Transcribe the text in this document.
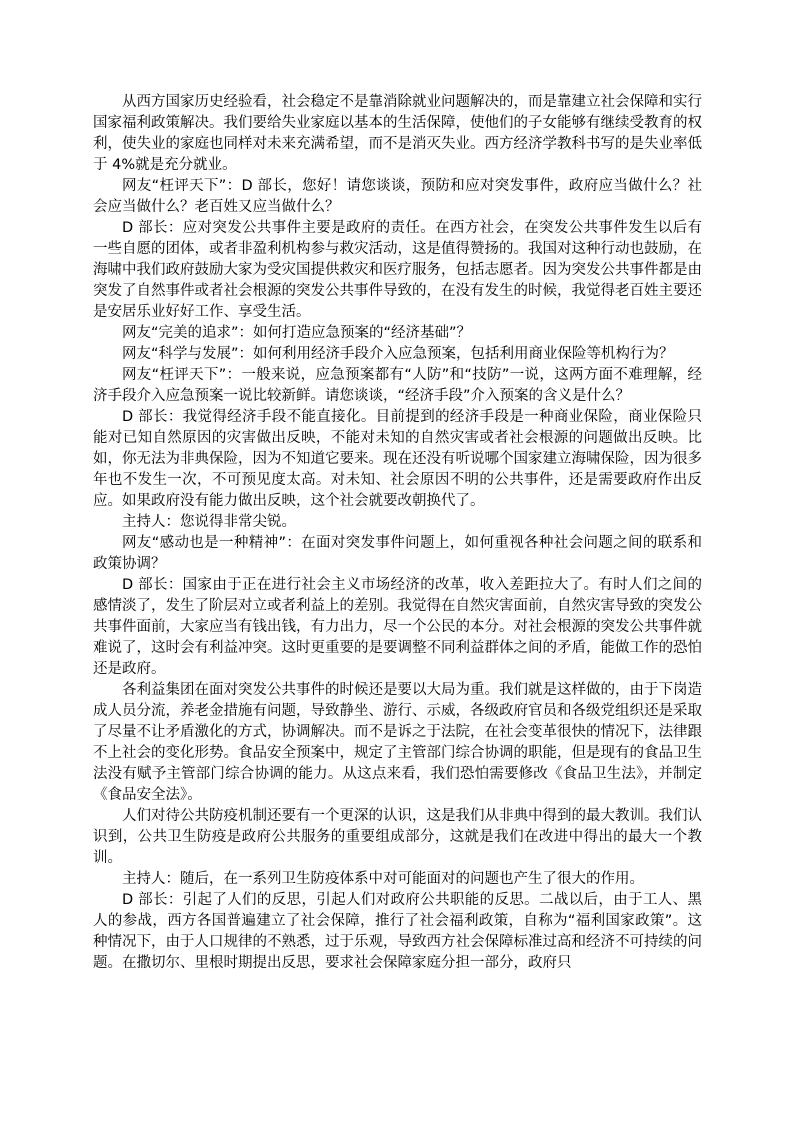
从西方国家历史经验看，社会稳定不是靠消除就业问题解决的，而是靠建立社会保障和实行国家福利政策解决。我们要给失业家庭以基本的生活保障，使他们的子女能够有继续受教育的权利，使失业的家庭也同样对未来充满希望，而不是消灭失业。西方经济学教科书写的是失业率低于 4%就是充分就业。

网友“枉评天下”：D 部长，您好！请您谈谈，预防和应对突发事件，政府应当做什么？社会应当做什么？老百姓又应当做什么？

D 部长：应对突发公共事件主要是政府的责任。在西方社会，在突发公共事件发生以后有一些自愿的团体，或者非盈利机构参与救灾活动，这是值得赞扬的。我国对这种行动也鼓励，在海啸中我们政府鼓励大家为受灾国提供救灾和医疗服务，包括志愿者。因为突发公共事件都是由突发了自然事件或者社会根源的突发公共事件导致的，在没有发生的时候，我觉得老百姓主要还是安居乐业好好工作、享受生活。

网友“完美的追求”：如何打造应急预案的“经济基础”？

网友“科学与发展”：如何利用经济手段介入应急预案，包括利用商业保险等机构行为？

网友“枉评天下”：一般来说，应急预案都有“人防”和“技防”一说，这两方面不难理解，经济手段介入应急预案一说比较新鲜。请您谈谈，“经济手段”介入预案的含义是什么？

D 部长：我觉得经济手段不能直接化。目前提到的经济手段是一种商业保险，商业保险只能对已知自然原因的灾害做出反映，不能对未知的自然灾害或者社会根源的问题做出反映。比如，你无法为非典保险，因为不知道它要来。现在还没有听说哪个国家建立海啸保险，因为很多年也不发生一次，不可预见度太高。对未知、社会原因不明的公共事件，还是需要政府作出反应。如果政府没有能力做出反映，这个社会就要改朝换代了。

主持人：您说得非常尖锐。

网友“感动也是一种精神”：在面对突发事件问题上，如何重视各种社会问题之间的联系和政策协调？

D 部长：国家由于正在进行社会主义市场经济的改革，收入差距拉大了。有时人们之间的感情淡了，发生了阶层对立或者利益上的差别。我觉得在自然灾害面前，自然灾害导致的突发公共事件面前，大家应当有钱出钱，有力出力，尽一个公民的本分。对社会根源的突发公共事件就难说了，这时会有利益冲突。这时更重要的是要调整不同利益群体之间的矛盾，能做工作的恐怕还是政府。

各利益集团在面对突发公共事件的时候还是要以大局为重。我们就是这样做的，由于下岗造成人员分流，养老金措施有问题，导致静坐、游行、示威，各级政府官员和各级党组织还是采取了尽量不让矛盾激化的方式，协调解决。而不是诉之于法院，在社会变革很快的情况下，法律跟不上社会的变化形势。食品安全预案中，规定了主管部门综合协调的职能，但是现有的食品卫生法没有赋予主管部门综合协调的能力。从这点来看，我们恐怕需要修改《食品卫生法》，并制定《食品安全法》。

人们对待公共防疫机制还要有一个更深的认识，这是我们从非典中得到的最大教训。我们认识到，公共卫生防疫是政府公共服务的重要组成部分，这就是我们在改进中得出的最大一个教训。

主持人：随后，在一系列卫生防疫体系中对可能面对的问题也产生了很大的作用。

D 部长：引起了人们的反思，引起人们对政府公共职能的反思。二战以后，由于工人、黑人的参战，西方各国普遍建立了社会保障，推行了社会福利政策，自称为“福利国家政策”。这种情况下，由于人口规律的不熟悉，过于乐观，导致西方社会保障标准过高和经济不可持续的问题。在撒切尔、里根时期提出反思，要求社会保障家庭分担一部分，政府只
